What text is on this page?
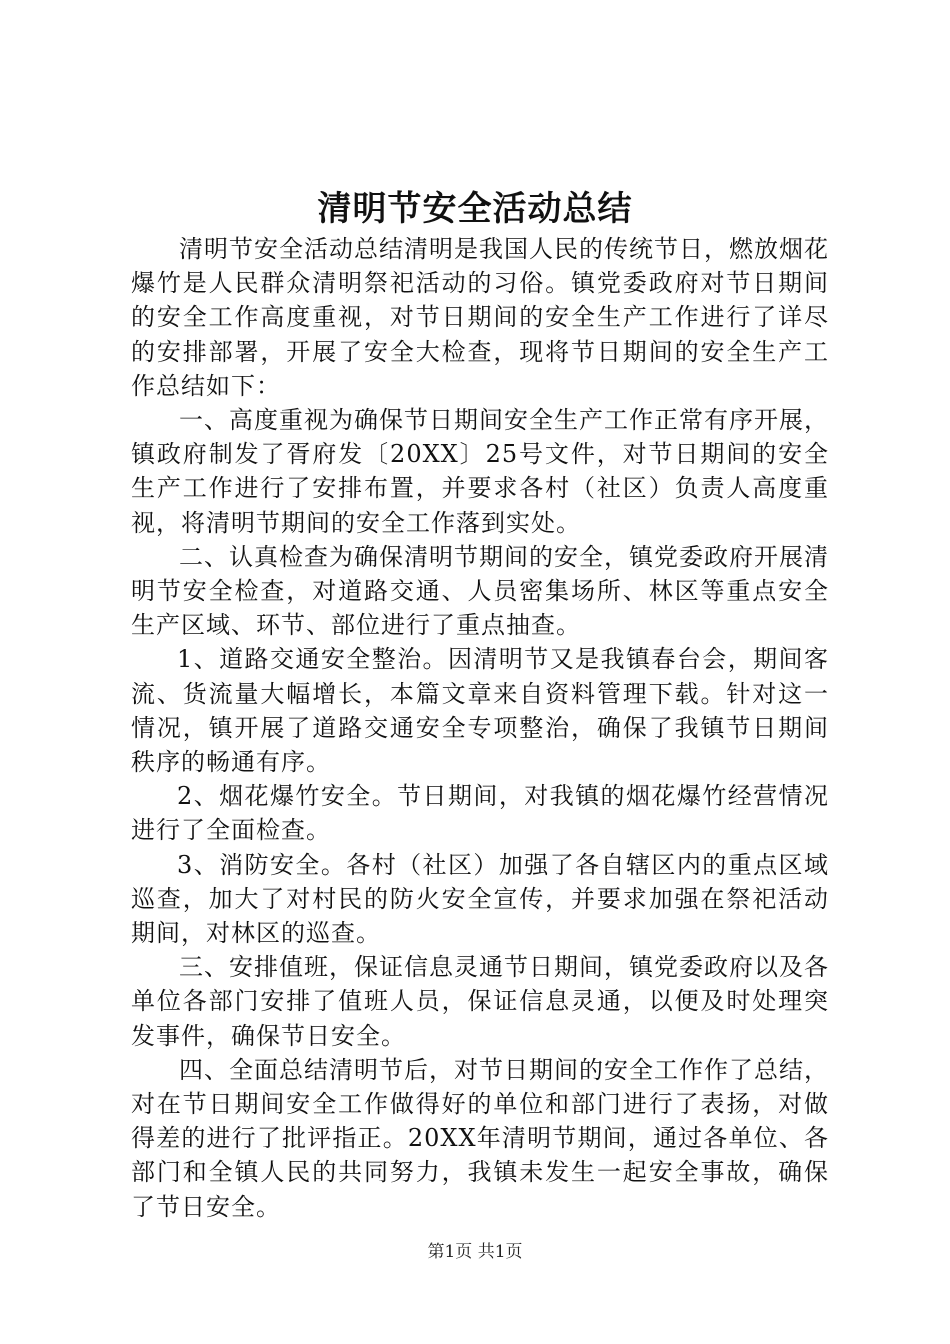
清明节安全活动总结

清明节安全活动总结清明是我国人民的传统节日，燃放烟花爆竹是人民群众清明祭祀活动的习俗。镇党委政府对节日期间的安全工作高度重视，对节日期间的安全生产工作进行了详尽的安排部署，开展了安全大检查，现将节日期间的安全生产工作总结如下：

一、高度重视为确保节日期间安全生产工作正常有序开展，镇政府制发了胥府发〔20XX〕25号文件，对节日期间的安全生产工作进行了安排布置，并要求各村（社区）负责人高度重视，将清明节期间的安全工作落到实处。

二、认真检查为确保清明节期间的安全，镇党委政府开展清明节安全检查，对道路交通、人员密集场所、林区等重点安全生产区域、环节、部位进行了重点抽查。

1、道路交通安全整治。因清明节又是我镇春台会，期间客流、货流量大幅增长，本篇文章来自资料管理下载。针对这一情况，镇开展了道路交通安全专项整治，确保了我镇节日期间秩序的畅通有序。

2、烟花爆竹安全。节日期间，对我镇的烟花爆竹经营情况进行了全面检查。

3、消防安全。各村（社区）加强了各自辖区内的重点区域巡查，加大了对村民的防火安全宣传，并要求加强在祭祀活动期间，对林区的巡查。

三、安排值班，保证信息灵通节日期间，镇党委政府以及各单位各部门安排了值班人员，保证信息灵通，以便及时处理突发事件，确保节日安全。

四、全面总结清明节后，对节日期间的安全工作作了总结，对在节日期间安全工作做得好的单位和部门进行了表扬，对做得差的进行了批评指正。20XX年清明节期间，通过各单位、各部门和全镇人民的共同努力，我镇未发生一起安全事故，确保了节日安全。

第1页 共1页
